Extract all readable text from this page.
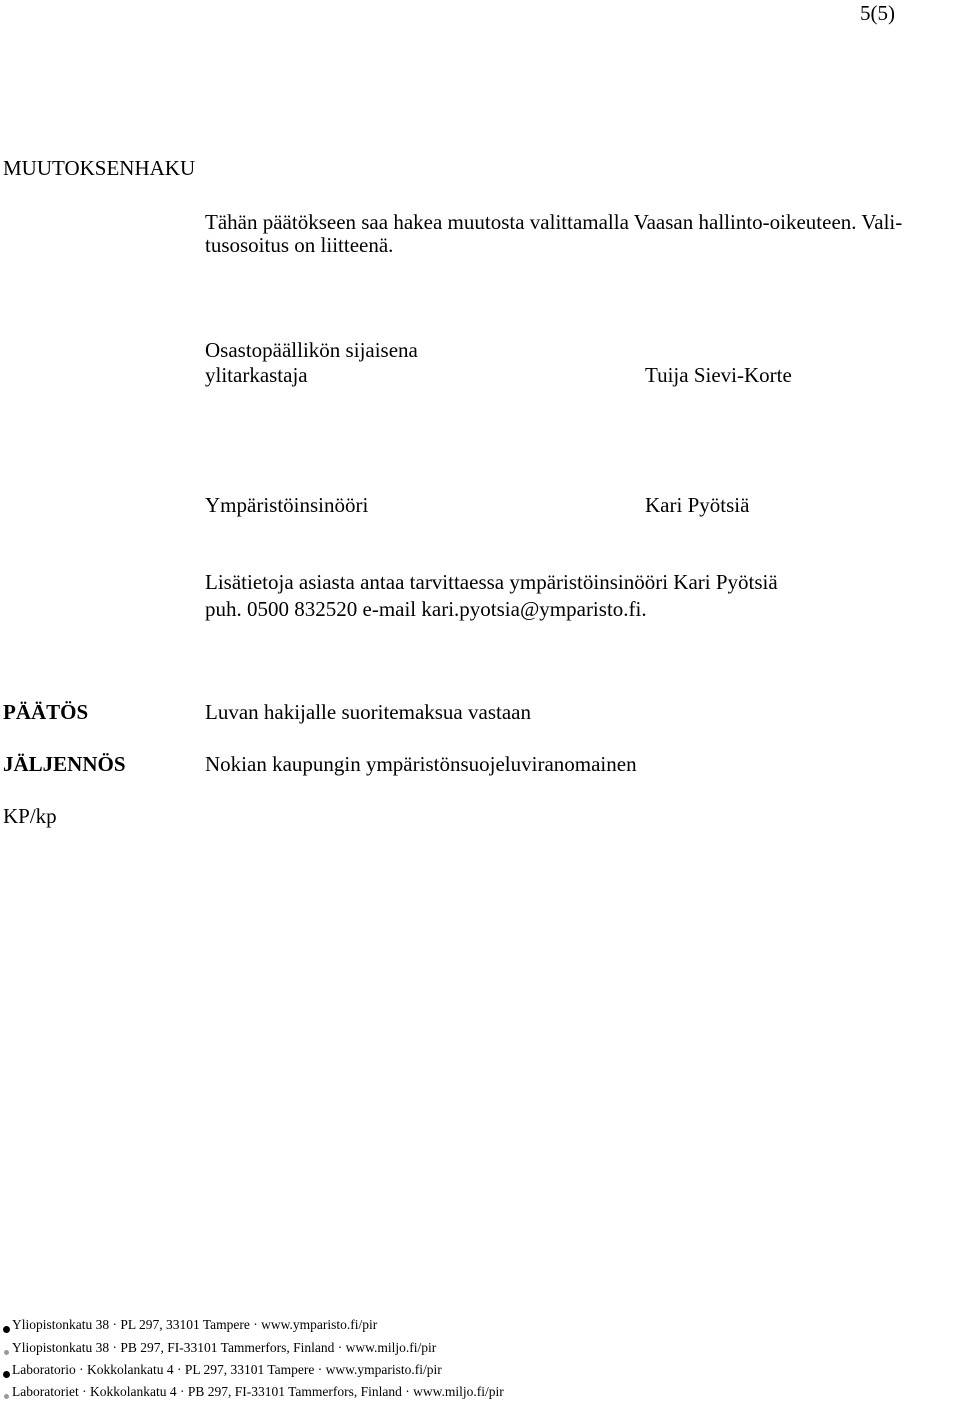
5(5)
MUUTOKSENHAKU
Tähän päätökseen saa hakea muutosta valittamalla Vaasan hallinto-oikeuteen. Vali-
tusosoitus on liitteenä.
Osastopäällikön sijaisena
ylitarkastaja	Tuija Sievi-Korte
Ympäristöinsinööri	Kari Pyötsiä
Lisätietoja asiasta antaa tarvittaessa ympäristöinsinööri Kari Pyötsiä
puh. 0500 832520 e-mail kari.pyotsia@ymparisto.fi.
PÄÄTÖS	Luvan hakijalle suoritemaksua vastaan
JÄLJENNÖS	Nokian kaupungin ympäristönsuojeluviranomainen
KP/kp
Yliopistonkatu 38 · PL 297, 33101 Tampere · www.ymparisto.fi/pir
Yliopistonkatu 38 · PB 297, FI-33101 Tammerfors, Finland · www.miljo.fi/pir
Laboratorio · Kokkolankatu 4 · PL 297, 33101 Tampere · www.ymparisto.fi/pir
Laboratoriet · Kokkolankatu 4 · PB 297, FI-33101 Tammerfors, Finland · www.miljo.fi/pir
